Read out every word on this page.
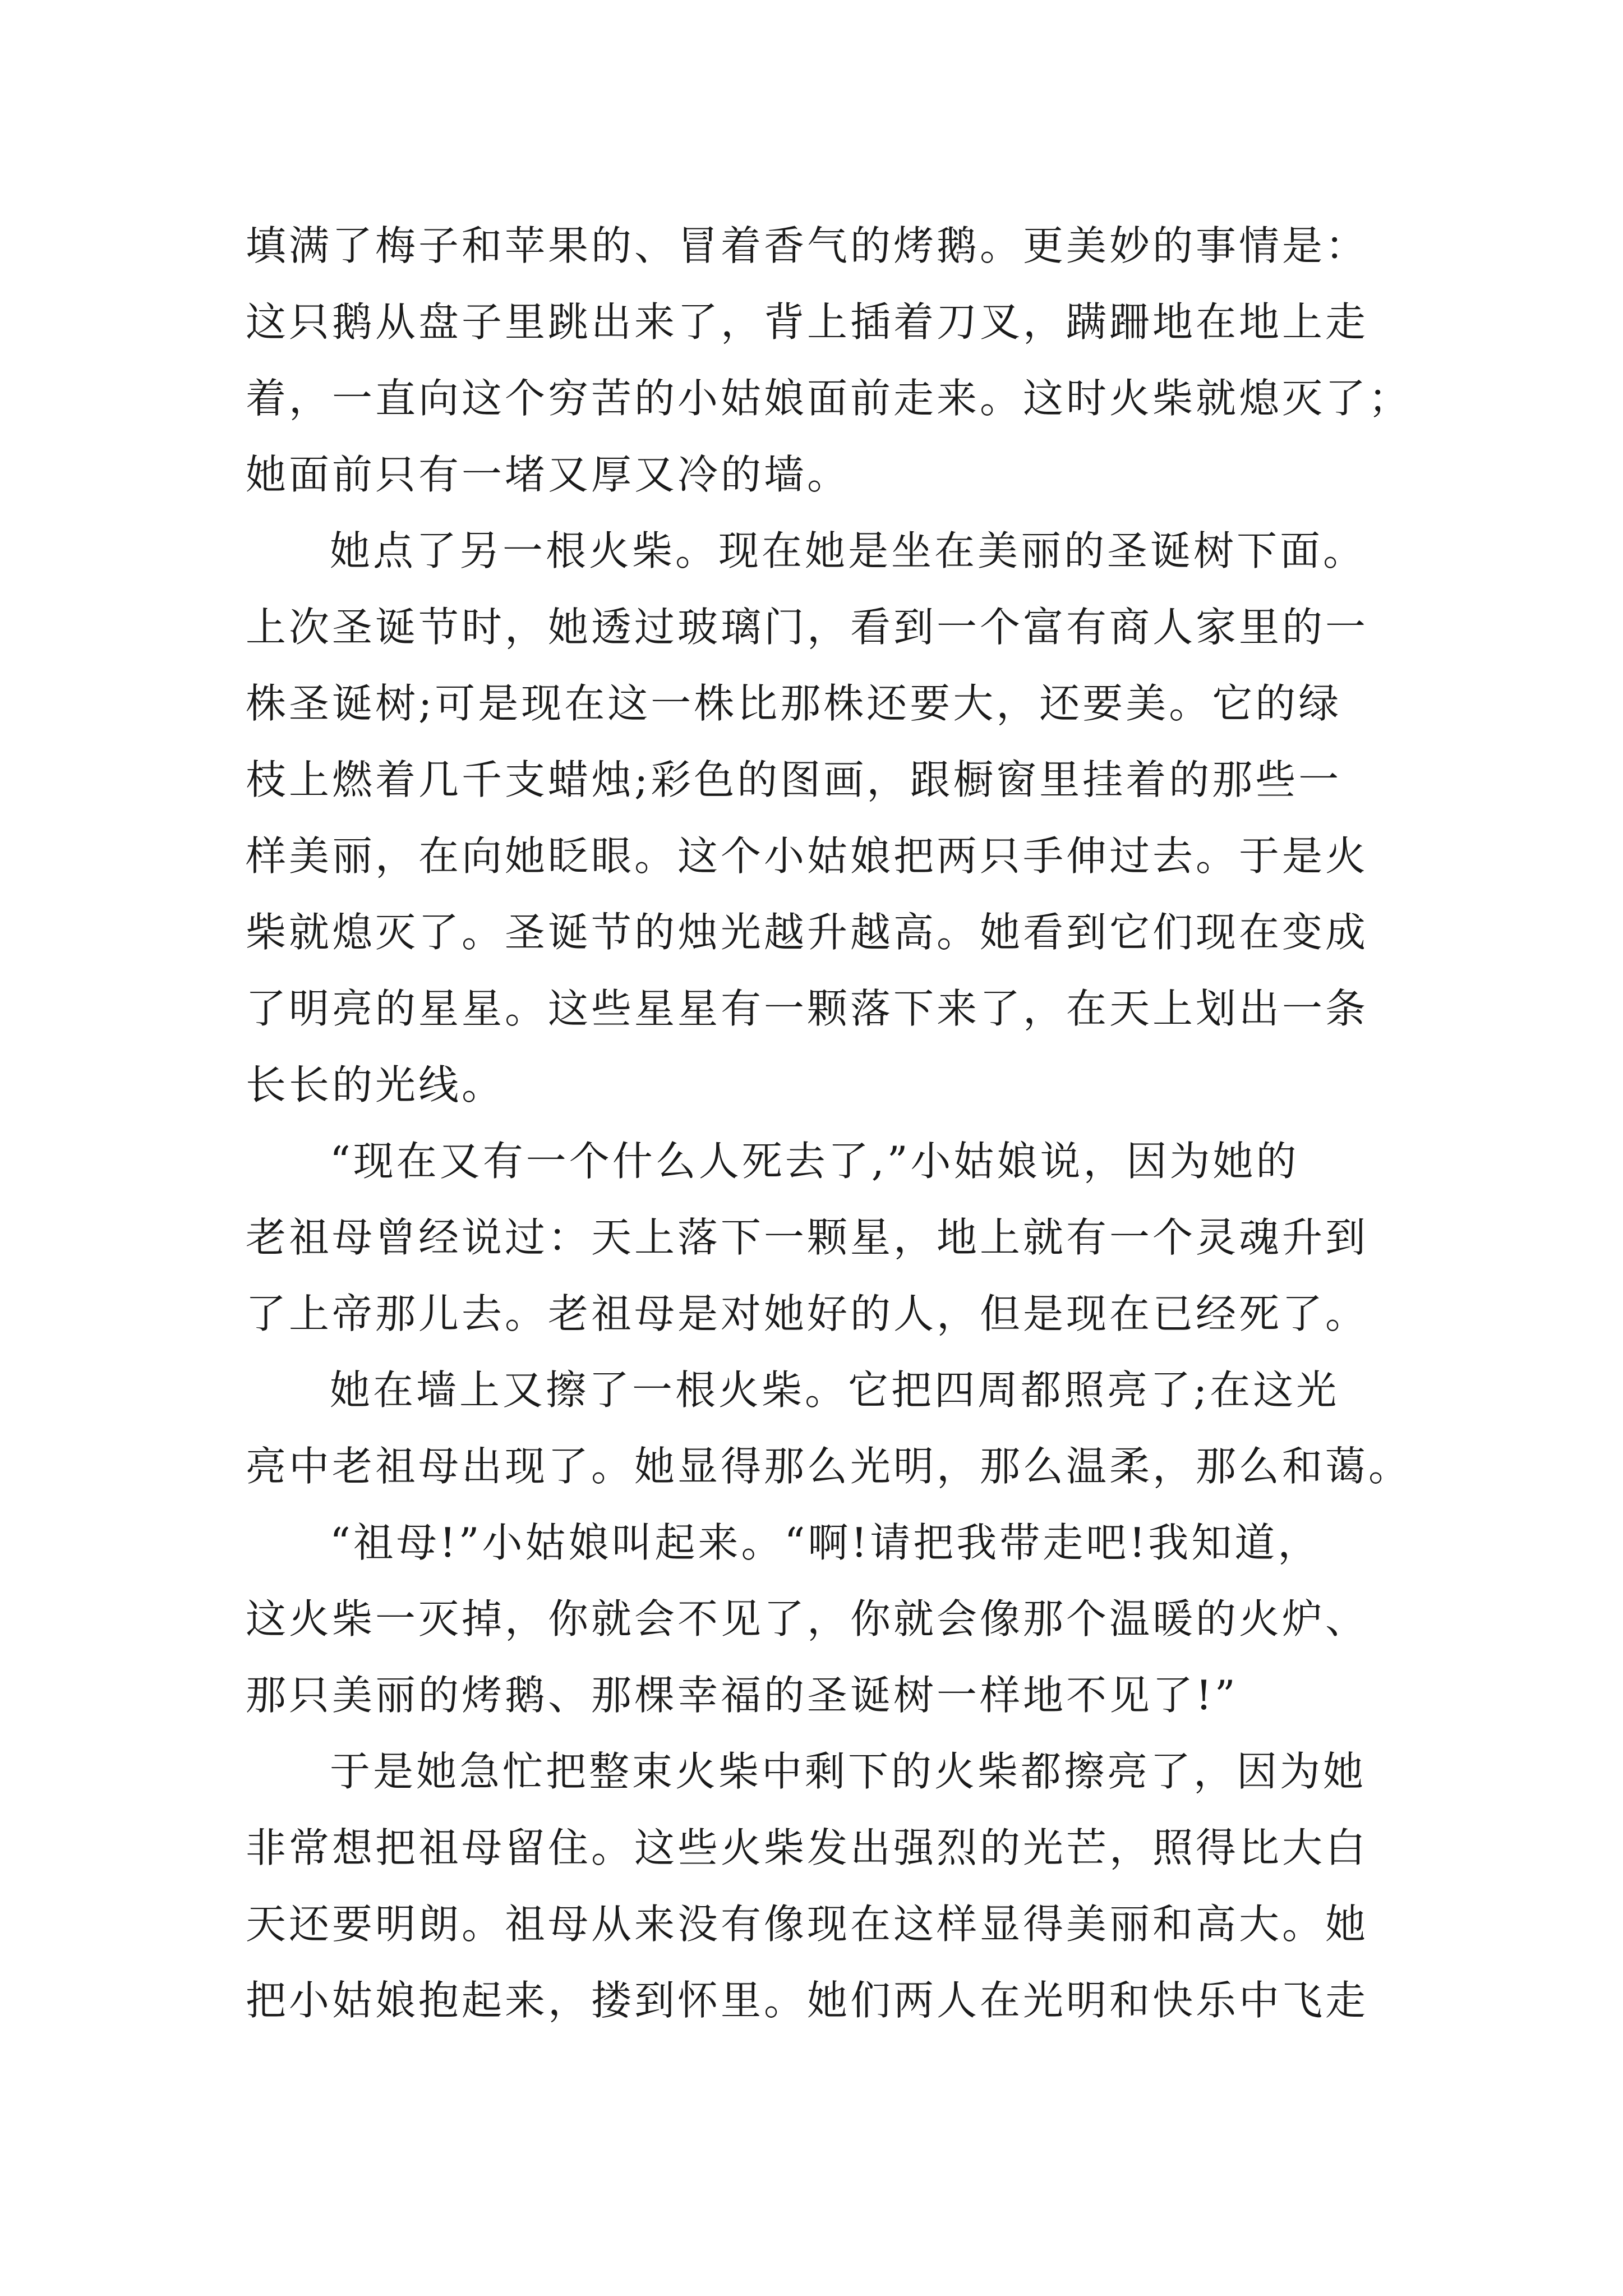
填满了梅子和苹果的、冒着香气的烤鹅。更美妙的事情是：
这只鹅从盘子里跳出来了，背上插着刀叉，蹒跚地在地上走
着，一直向这个穷苦的小姑娘面前走来。这时火柴就熄灭了；
她面前只有一堵又厚又冷的墙。
她点了另一根火柴。现在她是坐在美丽的圣诞树下面。
上次圣诞节时，她透过玻璃门，看到一个富有商人家里的一
株圣诞树;可是现在这一株比那株还要大，还要美。它的绿
枝上燃着几千支蜡烛;彩色的图画，跟橱窗里挂着的那些一
样美丽，在向她眨眼。这个小姑娘把两只手伸过去。于是火
柴就熄灭了。圣诞节的烛光越升越高。她看到它们现在变成
了明亮的星星。这些星星有一颗落下来了，在天上划出一条
长长的光线。
“现在又有一个什么人死去了,”小姑娘说，因为她的
老祖母曾经说过：天上落下一颗星，地上就有一个灵魂升到
了上帝那儿去。老祖母是对她好的人，但是现在已经死了。
她在墙上又擦了一根火柴。它把四周都照亮了;在这光
亮中老祖母出现了。她显得那么光明，那么温柔，那么和蔼。
“祖母!”小姑娘叫起来。“啊!请把我带走吧!我知道，
这火柴一灭掉，你就会不见了，你就会像那个温暖的火炉、
那只美丽的烤鹅、那棵幸福的圣诞树一样地不见了!”
于是她急忙把整束火柴中剩下的火柴都擦亮了，因为她
非常想把祖母留住。这些火柴发出强烈的光芒，照得比大白
天还要明朗。祖母从来没有像现在这样显得美丽和高大。她
把小姑娘抱起来，搂到怀里。她们两人在光明和快乐中飞走
